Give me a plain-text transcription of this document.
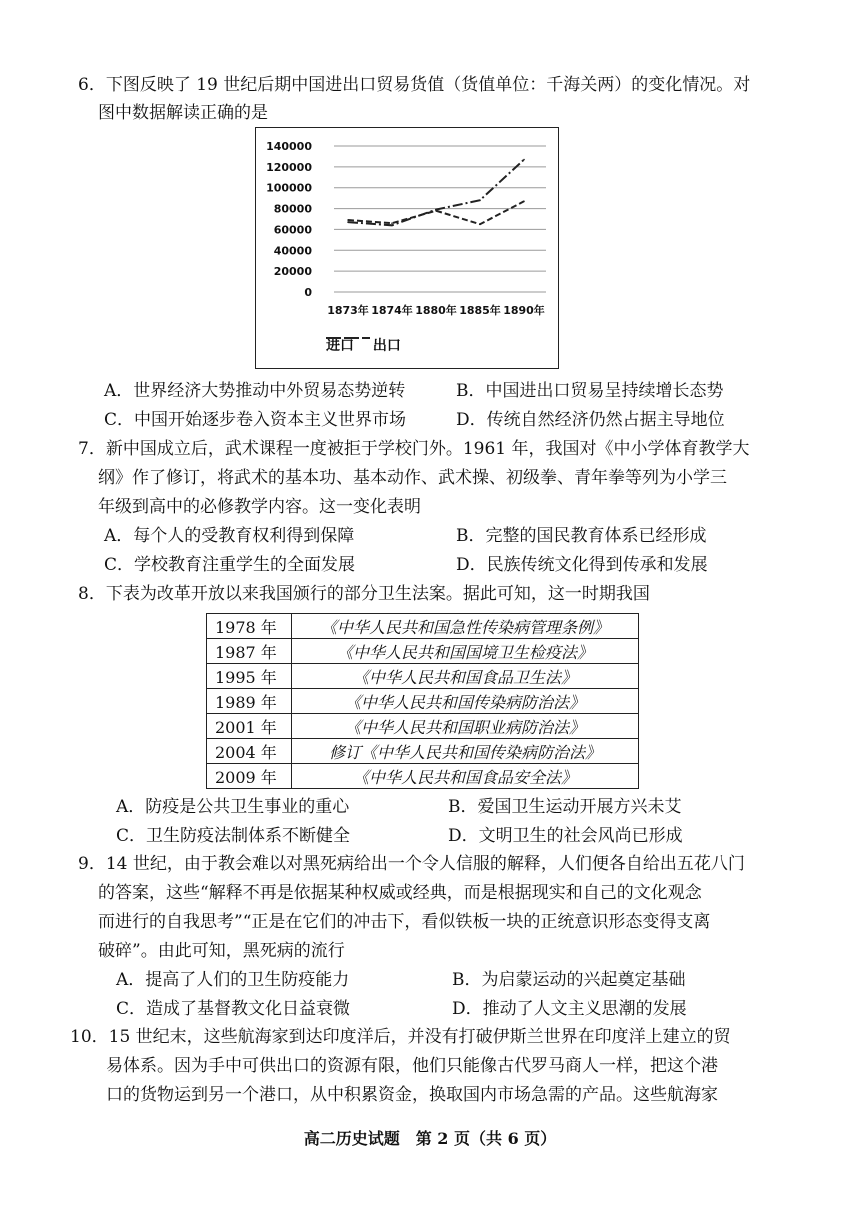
6．下图反映了 19 世纪后期中国进出口贸易货值（货值单位：千海关两）的变化情况。对
图中数据解读正确的是
140000
120000
100000
80000
60000
40000
20000
0
1873年 1874年 1880年 1885年 1890年
进口 出口
A．世界经济大势推动中外贸易态势逆转	B．中国进出口贸易呈持续增长态势
C．中国开始逐步卷入资本主义世界市场	D．传统自然经济仍然占据主导地位
7．新中国成立后，武术课程一度被拒于学校门外。1961 年，我国对《中小学体育教学大
纲》作了修订，将武术的基本功、基本动作、武术操、初级拳、青年拳等列为小学三
年级到高中的必修教学内容。这一变化表明
A．每个人的受教育权利得到保障	B．完整的国民教育体系已经形成
C．学校教育注重学生的全面发展	D．民族传统文化得到传承和发展
8．下表为改革开放以来我国颁行的部分卫生法案。据此可知，这一时期我国
1978 年	《中华人民共和国急性传染病管理条例》
1987 年	《中华人民共和国国境卫生检疫法》
1995 年	《中华人民共和国食品卫生法》
1989 年	《中华人民共和国传染病防治法》
2001 年	《中华人民共和国职业病防治法》
2004 年	修订《中华人民共和国传染病防治法》
2009 年	《中华人民共和国食品安全法》
A．防疫是公共卫生事业的重心	B．爱国卫生运动开展方兴未艾
C．卫生防疫法制体系不断健全	D．文明卫生的社会风尚已形成
9．14 世纪，由于教会难以对黑死病给出一个令人信服的解释，人们便各自给出五花八门
的答案，这些“解释不再是依据某种权威或经典，而是根据现实和自己的文化观念
而进行的自我思考”“正是在它们的冲击下，看似铁板一块的正统意识形态变得支离
破碎”。由此可知，黑死病的流行
A．提高了人们的卫生防疫能力	B．为启蒙运动的兴起奠定基础
C．造成了基督教文化日益衰微	D．推动了人文主义思潮的发展
10．15 世纪末，这些航海家到达印度洋后，并没有打破伊斯兰世界在印度洋上建立的贸
易体系。因为手中可供出口的资源有限，他们只能像古代罗马商人一样，把这个港
口的货物运到另一个港口，从中积累资金，换取国内市场急需的产品。这些航海家
高二历史试题　第 2 页（共 6 页）
